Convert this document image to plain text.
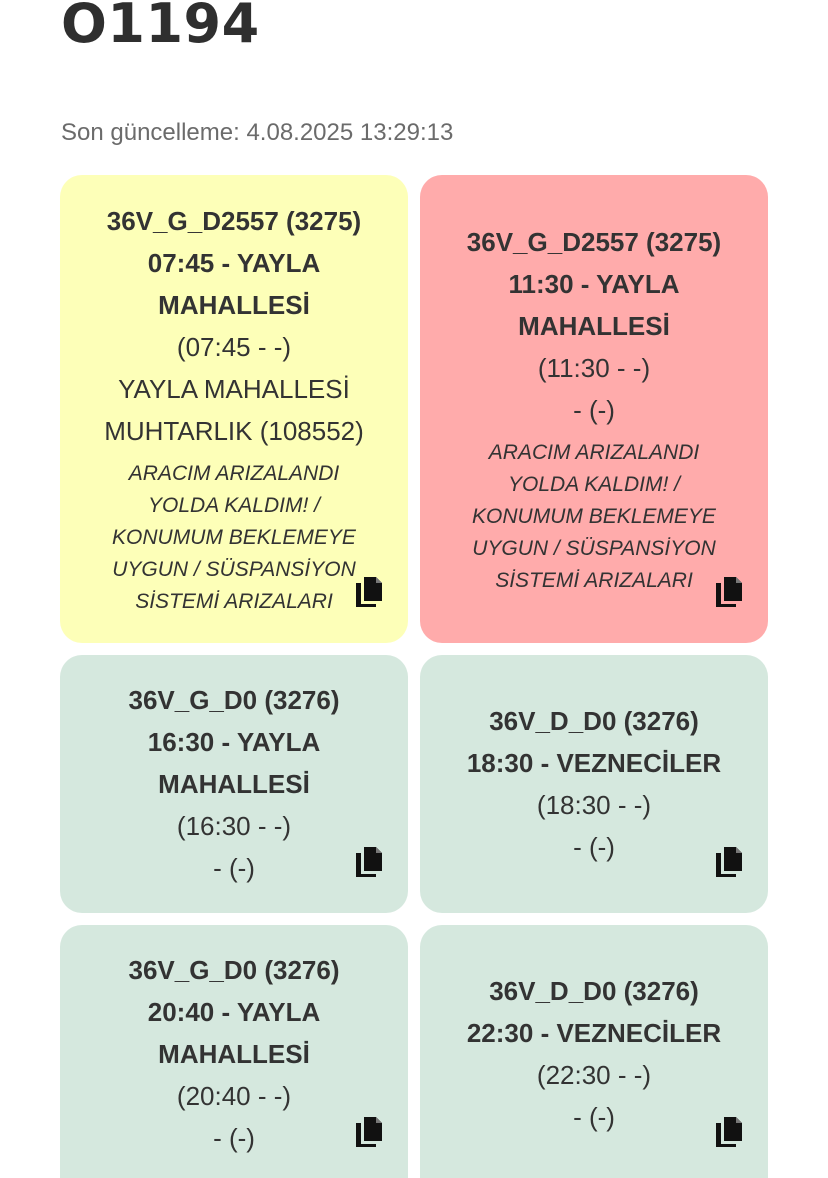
O1194
Son güncelleme: 4.08.2025 13:29:13
36V_G_D2557 (3275) 07:45 - YAYLA MAHALLESİ
(07:45 - -)
YAYLA MAHALLESİ MUHTARLIK (108552)
ARACIM ARIZALANDI YOLDA KALDIM! / KONUMUM BEKLEMEYE UYGUN / SÜSPANSİYON SİSTEMİ ARIZALARI
36V_G_D2557 (3275) 11:30 - YAYLA MAHALLESİ
(11:30 - -)
- (-)
ARACIM ARIZALANDI YOLDA KALDIM! / KONUMUM BEKLEMEYE UYGUN / SÜSPANSİYON SİSTEMİ ARIZALARI
36V_G_D0 (3276) 16:30 - YAYLA MAHALLESİ
(16:30 - -)
- (-)
36V_D_D0 (3276) 18:30 - VEZNECİLER
(18:30 - -)
- (-)
36V_G_D0 (3276) 20:40 - YAYLA MAHALLESİ
(20:40 - -)
- (-)
36V_D_D0 (3276) 22:30 - VEZNECİLER
(22:30 - -)
- (-)
